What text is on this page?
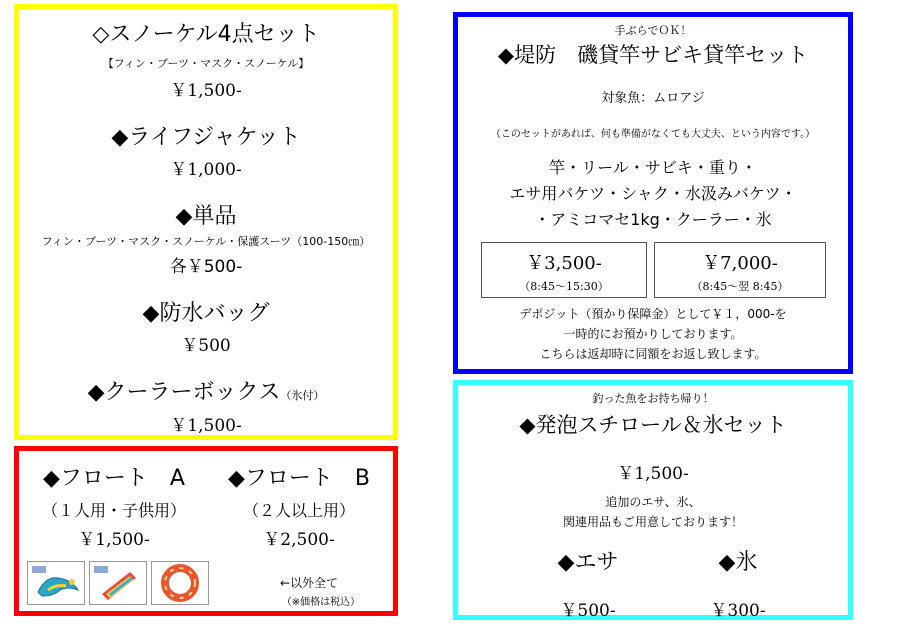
◇スノーケル4点セット
【フィン・ブーツ・マスク・スノーケル】
￥1,500-
◆ライフジャケット
￥1,000-
◆単品
フィン・ブーツ・マスク・スノーケル・保護スーツ（100-150㎝）
各￥500-
◆防水バッグ
￥500
◆クーラーボックス（氷付）
￥1,500-
◆フロート　A
（１人用・子供用）
￥1,500-
◆フロート　B
（２人以上用）
￥2,500-
←以外全て
（※価格は税込）
手ぶらでＯＫ！
◆堤防　磯貸竿サビキ貸竿セット
対象魚：ムロアジ
（このセットがあれば、何も準備がなくても大丈夫、という内容です。）
竿・リール・サビキ・重り・
エサ用バケツ・シャク・水汲みバケツ・
・アミコマセ1kg・クーラー・氷
￥3,500-
（8:45～15:30）
￥7,000-
（8:45～翌 8:45）
デポジット（預かり保障金）として￥１，000-を
一時的にお預かりしております。
こちらは返却時に同額をお返し致します。
釣った魚をお持ち帰り！
◆発泡スチロール＆氷セット
￥1,500-
追加のエサ、氷、
関連用品もご用意しております！
◆エサ
￥500-
◆氷
￥300-
